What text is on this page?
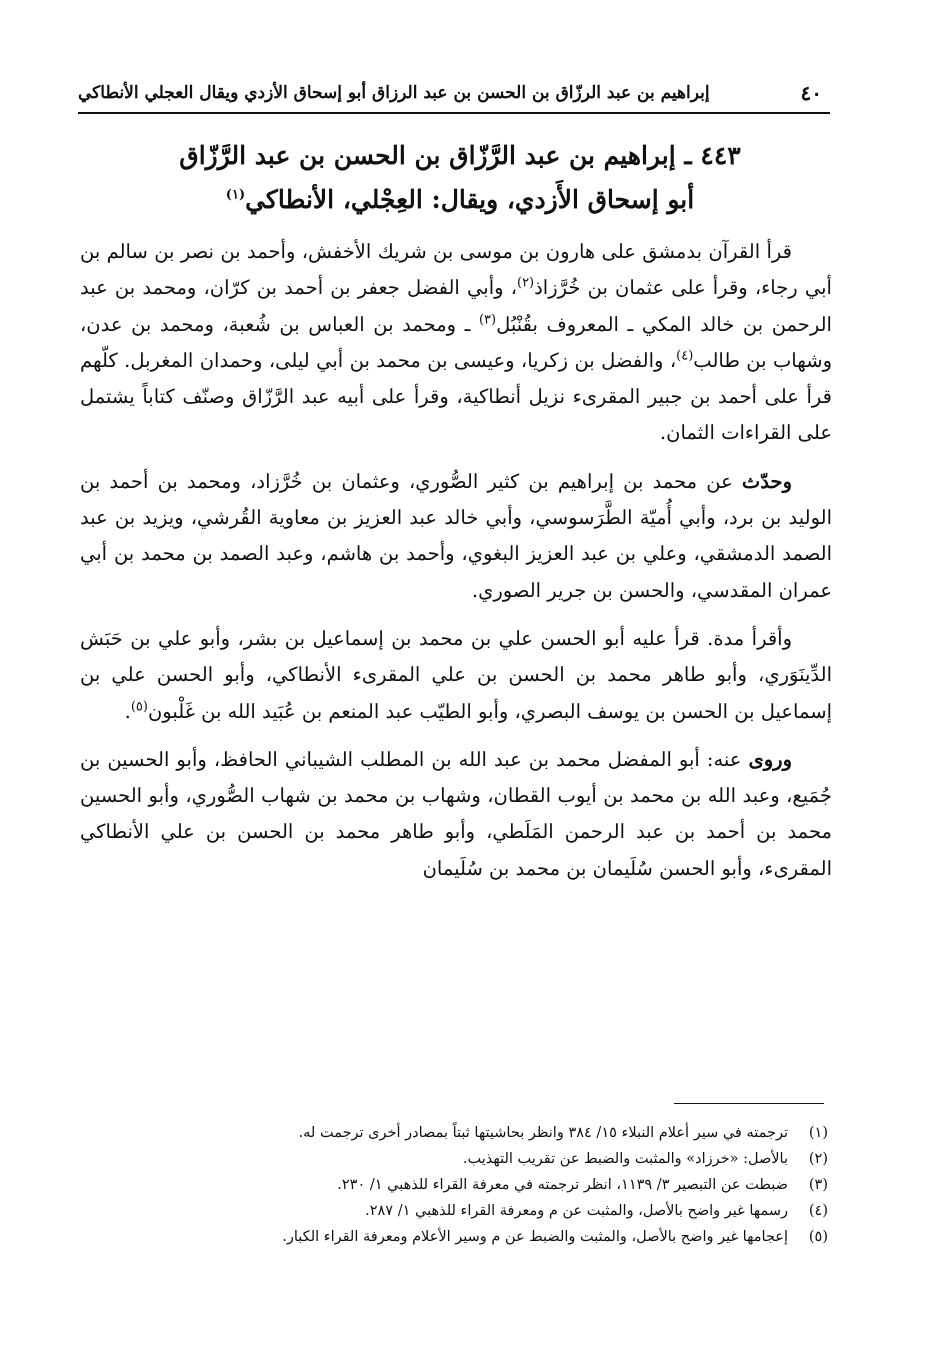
٤٠
إبراهيم بن عبد الرزّاق بن الحسن بن عبد الرزاق أبو إسحاق الأزدي ويقال العجلي الأنطاكي
٤٤٣ ـ إبراهيم بن عبد الرَّزّاق بن الحسن بن عبد الرَّزّاق
أبو إسحاق الأَزدي، ويقال: العِجْلي، الأنطاكي$^{(١)}$

قرأ القرآن بدمشق على هارون بن موسى بن شريك الأخفش، وأحمد بن نصر بن سالم بن أبي رجاء، وقرأ على عثمان بن خُرَّزاذ$^{(٢)}$، وأبي الفضل جعفر بن أحمد بن كرّان، ومحمد بن عبد الرحمن بن خالد المكي ـ المعروف بقُنْبُل$^{(٣)}$ ـ ومحمد بن العباس بن شُعبة، ومحمد بن عدن، وشهاب بن طالب$^{(٤)}$، والفضل بن زكريا، وعيسى بن محمد بن أبي ليلى، وحمدان المغربل. كلّهم قرأ على أحمد بن جبير المقرىء نزيل أنطاكية، وقرأ على أبيه عبد الرَّزّاق وصنّف كتاباً يشتمل على القراءات الثمان.

وحدّث عن محمد بن إبراهيم بن كثير الصُّوري، وعثمان بن خُرَّزاد، ومحمد بن أحمد بن الوليد بن برد، وأبي أُميّة الطَّرَسوسي، وأبي خالد عبد العزيز بن معاوية القُرشي، ويزيد بن عبد الصمد الدمشقي، وعلي بن عبد العزيز البغوي، وأحمد بن هاشم، وعبد الصمد بن محمد بن أبي عمران المقدسي، والحسن بن جرير الصوري.

وأقرأ مدة. قرأ عليه أبو الحسن علي بن محمد بن إسماعيل بن بشر، وأبو علي بن حَبَش الدِّينَوَري، وأبو طاهر محمد بن الحسن بن علي المقرىء الأنطاكي، وأبو الحسن علي بن إسماعيل بن الحسن بن يوسف البصري، وأبو الطيّب عبد المنعم بن عُبَيد الله بن غَلْبون$^{(٥)}$.

وروى عنه: أبو المفضل محمد بن عبد الله بن المطلب الشيباني الحافظ، وأبو الحسين بن جُمَيع، وعبد الله بن محمد بن أيوب القطان، وشهاب بن محمد بن شهاب الصُّوري، وأبو الحسين محمد بن أحمد بن عبد الرحمن المَلَطي، وأبو طاهر محمد بن الحسن بن علي الأنطاكي المقرىء، وأبو الحسن سُلَيمان بن محمد بن سُلَيمان

(١)
ترجمته في سير أعلام النبلاء ١٥/ ٣٨٤ وانظر بحاشيتها ثبتاً بمصادر أخرى ترجمت له.
(٢)
بالأصل: «خرزاد» والمثبت والضبط عن تقريب التهذيب.
(٣)
ضبطت عن التبصير ٣/ ١١٣٩، انظر ترجمته في معرفة القراء للذهبي ١/ ٢٣٠.
(٤)
رسمها غير واضح بالأصل، والمثبت عن م ومعرفة القراء للذهبي ١/ ٢٨٧.
(٥)
إعجامها غير واضح بالأصل، والمثبت والضبط عن م وسير الأعلام ومعرفة القراء الكبار.
